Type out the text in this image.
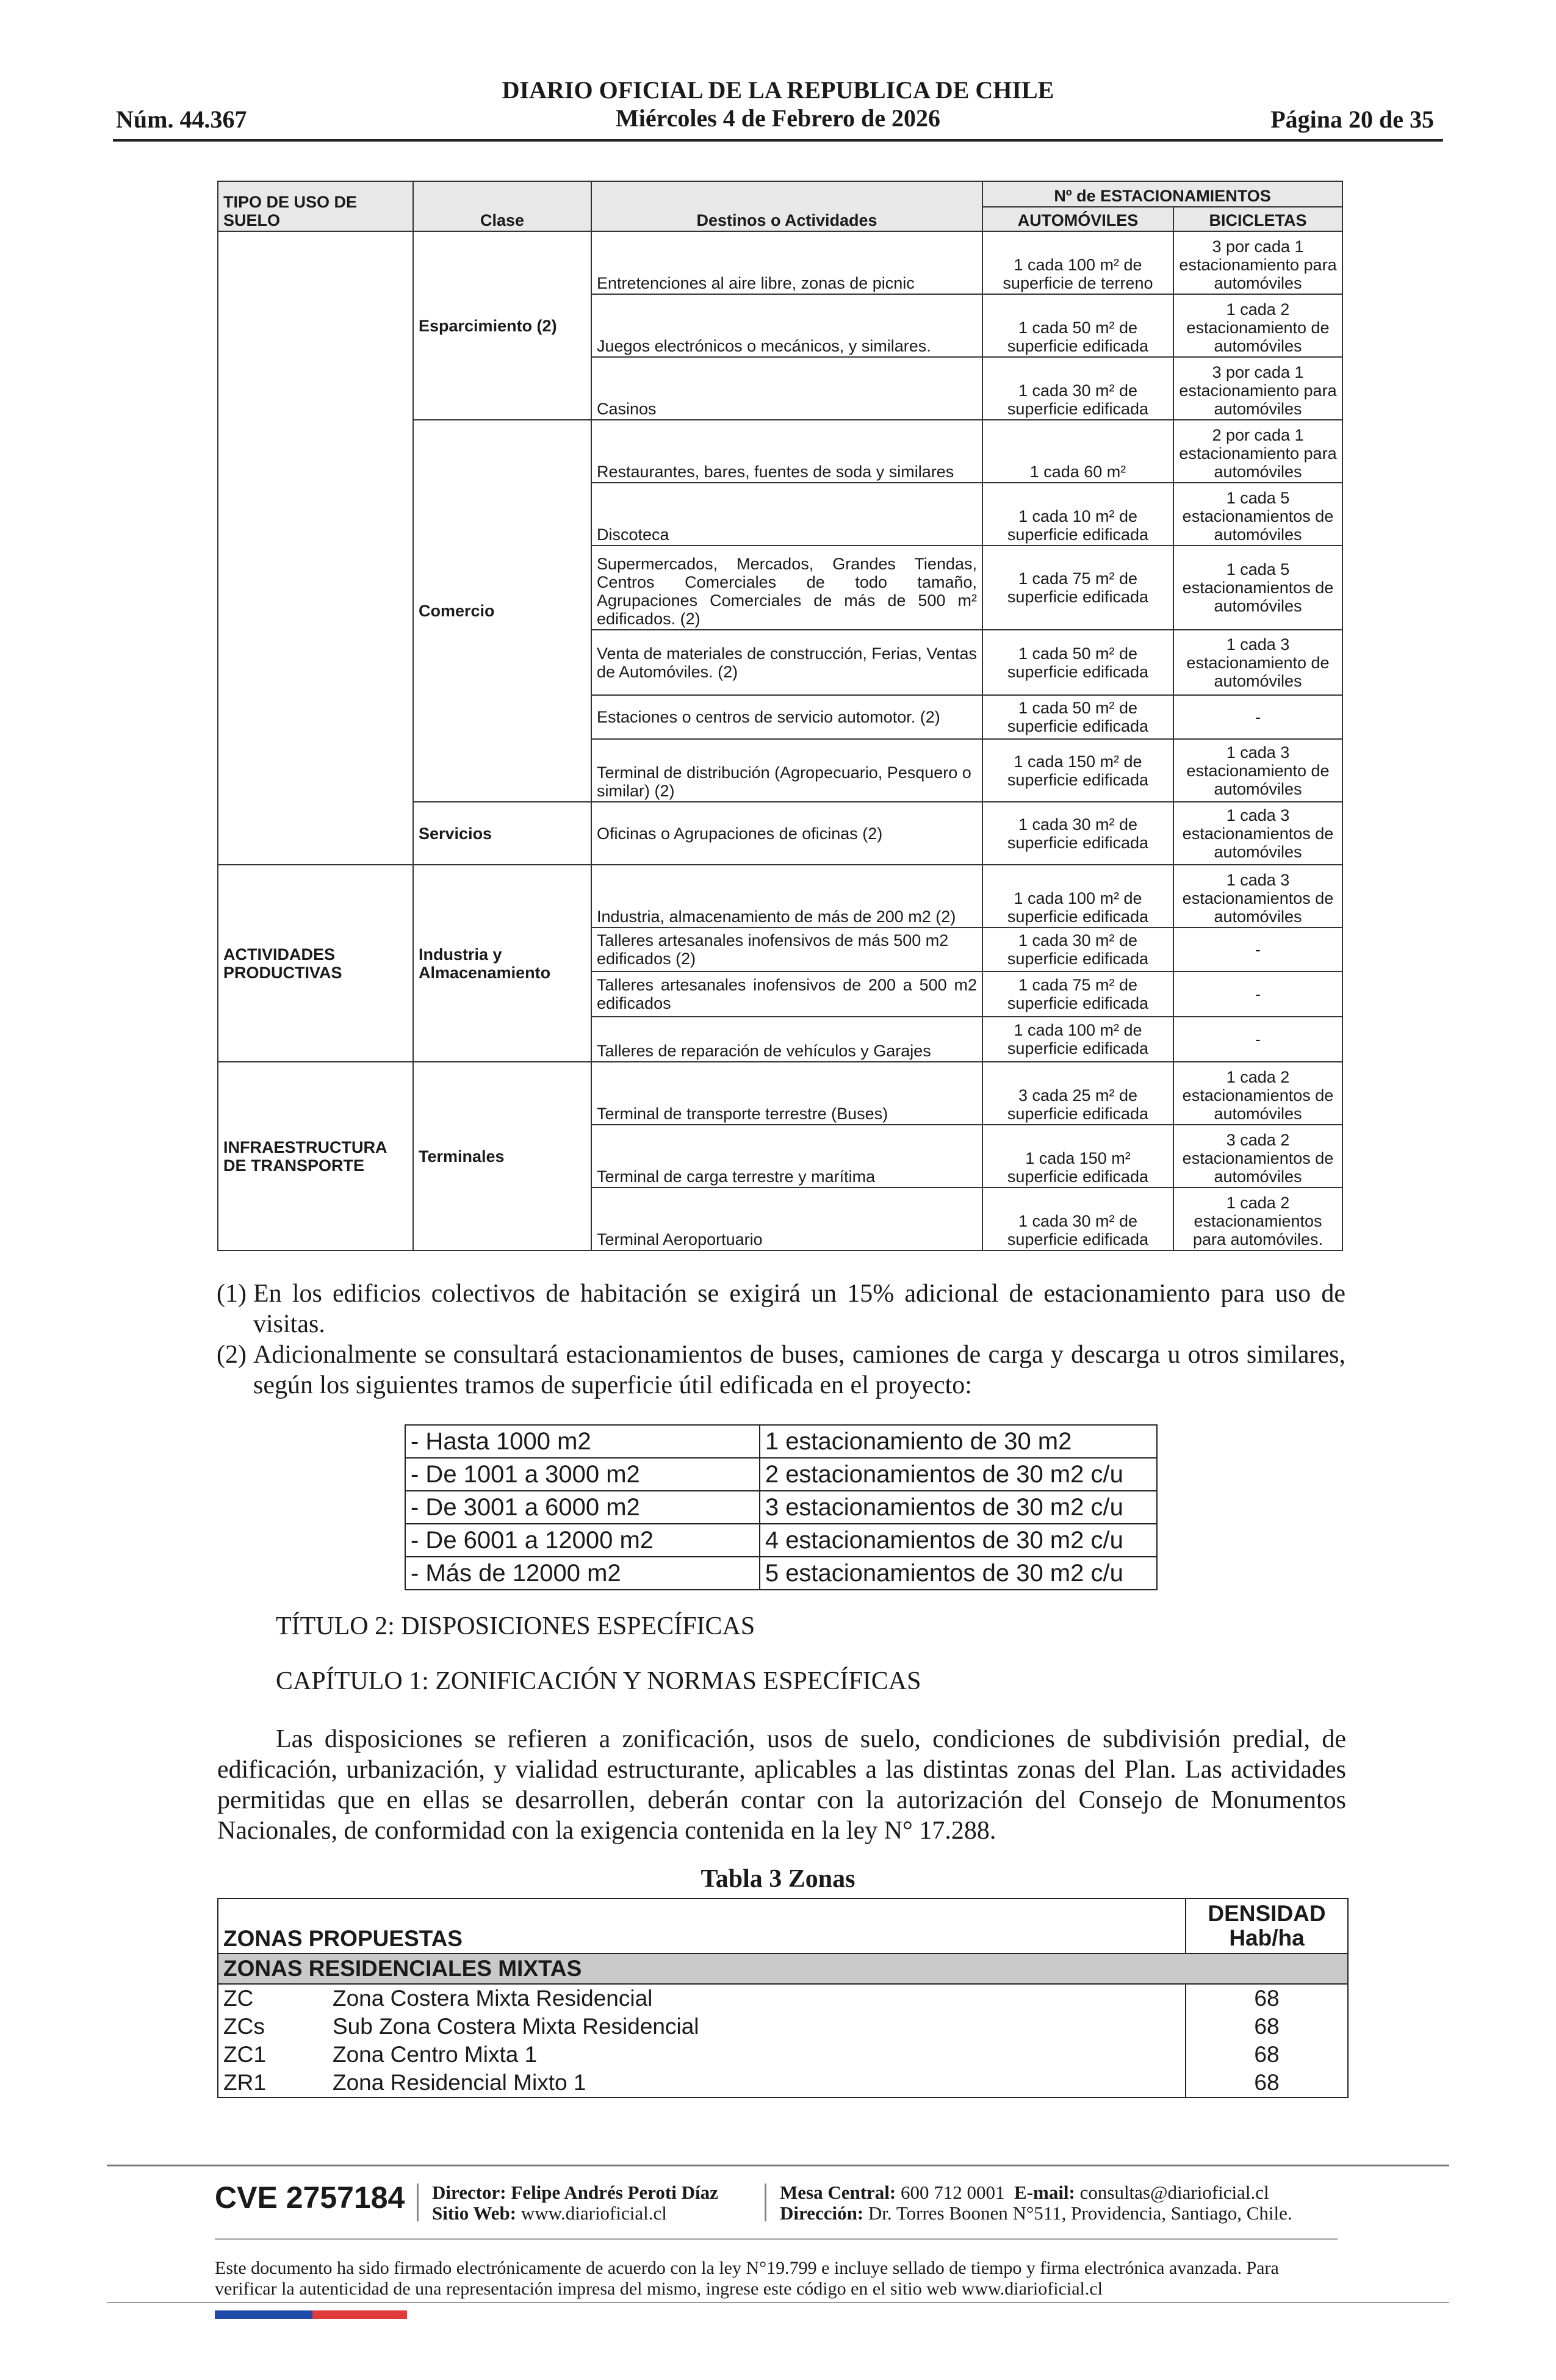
DIARIO OFICIAL DE LA REPUBLICA DE CHILE
Miércoles 4 de Febrero de 2026
Núm. 44.367	Página 20 de 35
TIPO DE USO DE SUELO	Clase	Destinos o Actividades	Nº de ESTACIONAMIENTOS	
			AUTOMÓVILES	BICICLETAS
	Esparcimiento (2)	Entretenciones al aire libre, zonas de picnic	1 cada 100 m² de superficie de terreno	3 por cada 1 estacionamiento para automóviles
		Juegos electrónicos o mecánicos, y similares.	1 cada 50 m² de superficie edificada	1 cada 2 estacionamiento de automóviles
		Casinos	1 cada 30 m² de superficie edificada	3 por cada 1 estacionamiento para automóviles
	Comercio	Restaurantes, bares, fuentes de soda y similares	1 cada 60 m²	2 por cada 1 estacionamiento para automóviles
		Discoteca	1 cada 10 m² de superficie edificada	1 cada 5 estacionamientos de automóviles
		Supermercados, Mercados, Grandes Tiendas, Centros Comerciales de todo tamaño, Agrupaciones Comerciales de más de 500 m² edificados. (2)	1 cada 75 m² de superficie edificada	1 cada 5 estacionamientos de automóviles
		Venta de materiales de construcción, Ferias, Ventas de Automóviles. (2)	1 cada 50 m² de superficie edificada	1 cada 3 estacionamiento de automóviles
		Estaciones o centros de servicio automotor. (2)	1 cada 50 m² de superficie edificada	-
		Terminal de distribución (Agropecuario, Pesquero o similar) (2)	1 cada 150 m² de superficie edificada	1 cada 3 estacionamiento de automóviles
	Servicios	Oficinas o Agrupaciones de oficinas (2)	1 cada 30 m² de superficie edificada	1 cada 3 estacionamientos de automóviles
ACTIVIDADES PRODUCTIVAS	Industria y Almacenamiento	Industria, almacenamiento de más de 200 m2 (2)	1 cada 100 m² de superficie edificada	1 cada 3 estacionamientos de automóviles
		Talleres artesanales inofensivos de más 500 m2 edificados (2)	1 cada 30 m² de superficie edificada	-
		Talleres artesanales inofensivos de 200 a 500 m2 edificados	1 cada 75 m² de superficie edificada	-
		Talleres de reparación de vehículos y Garajes	1 cada 100 m² de superficie edificada	-
INFRAESTRUCTURA DE TRANSPORTE	Terminales	Terminal de transporte terrestre (Buses)	3 cada 25 m² de superficie edificada	1 cada 2 estacionamientos de automóviles
		Terminal de carga terrestre y marítima	1 cada 150 m² superficie edificada	3 cada 2 estacionamientos de automóviles
		Terminal Aeroportuario	1 cada 30 m² de superficie edificada	1 cada 2 estacionamientos para automóviles.
(1) En los edificios colectivos de habitación se exigirá un 15% adicional de estacionamiento para uso de visitas.
(2) Adicionalmente se consultará estacionamientos de buses, camiones de carga y descarga u otros similares, según los siguientes tramos de superficie útil edificada en el proyecto:
- Hasta 1000 m2	1 estacionamiento de 30 m2
- De 1001 a 3000 m2	2 estacionamientos de 30 m2 c/u
- De 3001 a 6000 m2	3 estacionamientos de 30 m2 c/u
- De 6001 a 12000 m2	4 estacionamientos de 30 m2 c/u
- Más de 12000 m2	5 estacionamientos de 30 m2 c/u
TÍTULO 2: DISPOSICIONES ESPECÍFICAS
CAPÍTULO 1: ZONIFICACIÓN Y NORMAS ESPECÍFICAS
Las disposiciones se refieren a zonificación, usos de suelo, condiciones de subdivisión predial, de edificación, urbanización, y vialidad estructurante, aplicables a las distintas zonas del Plan. Las actividades permitidas que en ellas se desarrollen, deberán contar con la autorización del Consejo de Monumentos Nacionales, de conformidad con la exigencia contenida en la ley N° 17.288.
Tabla 3 Zonas
ZONAS PROPUESTAS		DENSIDAD Hab/ha
ZONAS RESIDENCIALES MIXTAS		
ZC	Zona Costera Mixta Residencial	68
ZCs	Sub Zona Costera Mixta Residencial	68
ZC1	Zona Centro Mixta 1	68
ZR1	Zona Residencial Mixto 1	68
CVE 2757184 Director: Felipe Andrés Peroti Díaz
Sitio Web: www.diarioficial.cl
Mesa Central: 600 712 0001 E-mail: consultas@diarioficial.cl
Dirección: Dr. Torres Boonen N°511, Providencia, Santiago, Chile.
Este documento ha sido firmado electrónicamente de acuerdo con la ley N°19.799 e incluye sellado de tiempo y firma electrónica avanzada. Para verificar la autenticidad de una representación impresa del mismo, ingrese este código en el sitio web www.diarioficial.cl
